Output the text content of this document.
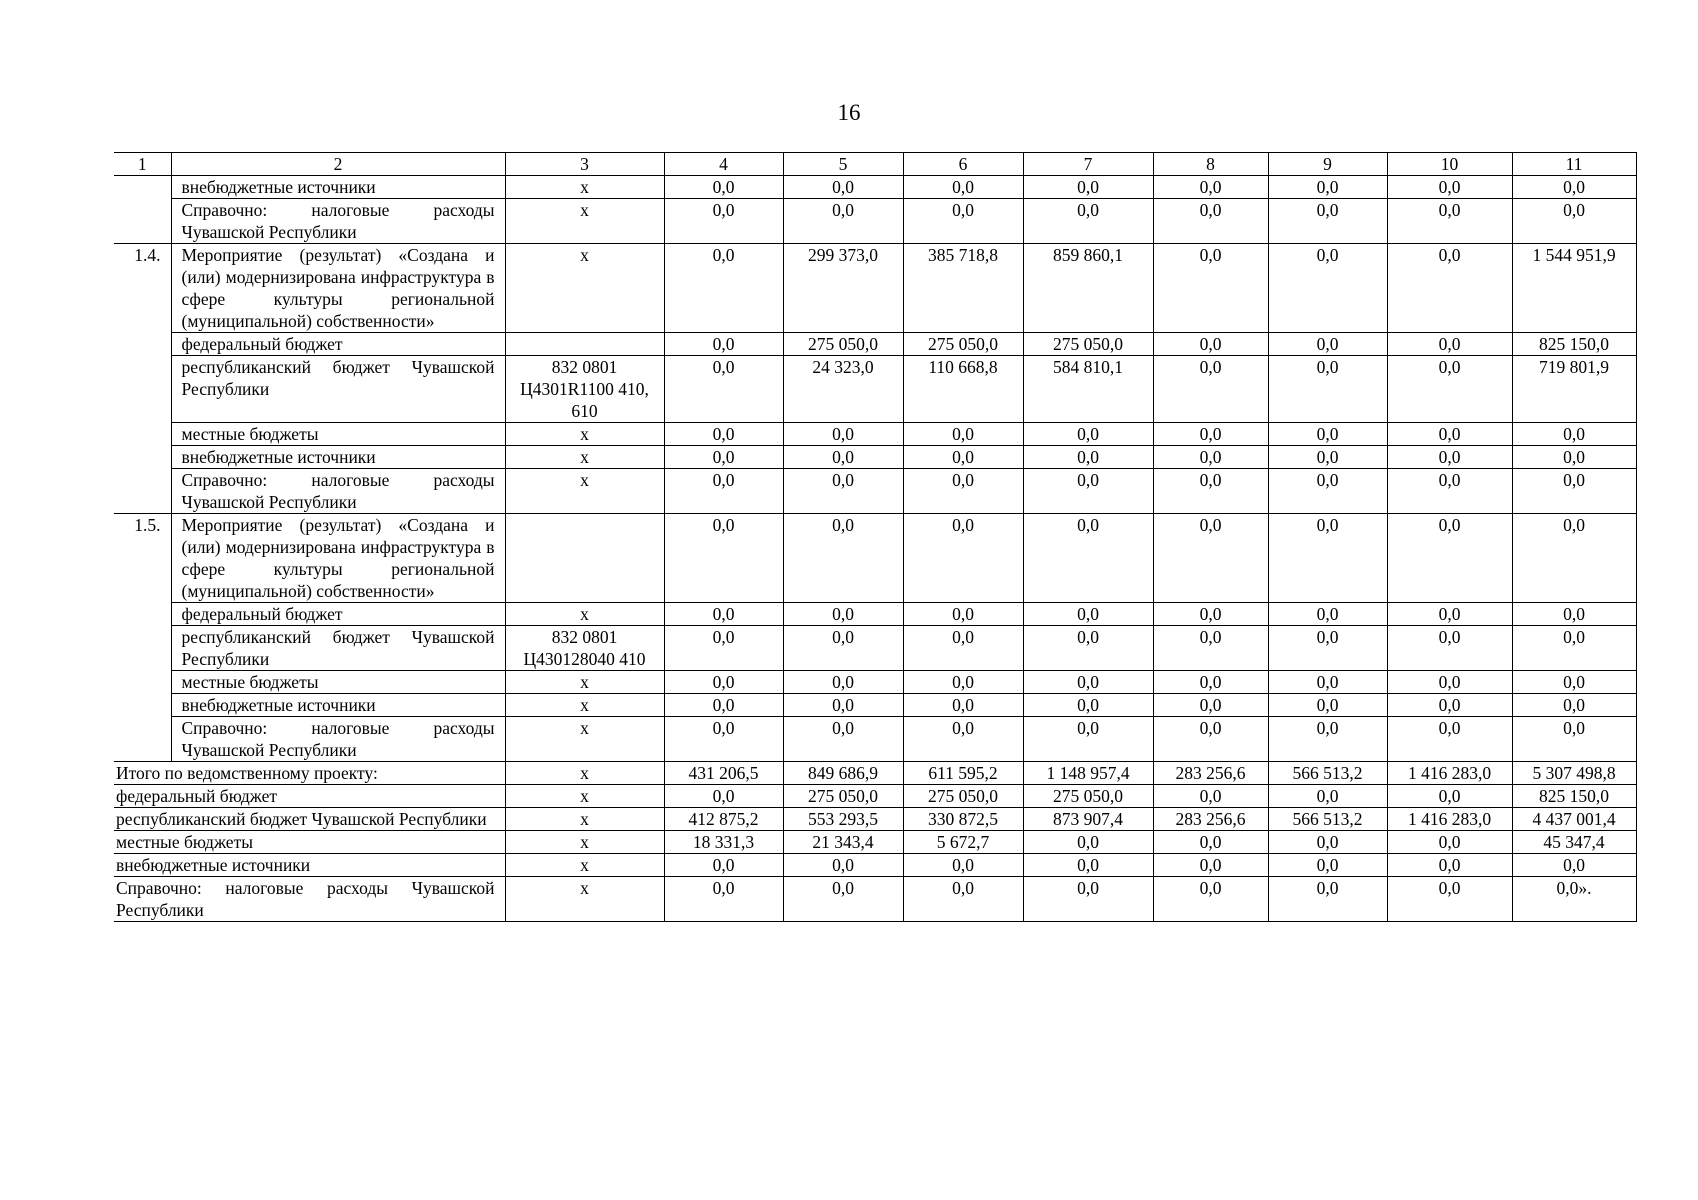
16
1	2	3	4	5	6	7	8	9	10	11
	внебюджетные источники	х	0,0	0,0	0,0	0,0	0,0	0,0	0,0	0,0
	Справочно: налоговые расходы Чувашской Республики	х	0,0	0,0	0,0	0,0	0,0	0,0	0,0	0,0
1.4.	Мероприятие (результат) «Создана и (или) модернизирована инфраструктура в сфере культуры региональной (муниципальной) собственности»	х	0,0	299 373,0	385 718,8	859 860,1	0,0	0,0	0,0	1 544 951,9
	федеральный бюджет		0,0	275 050,0	275 050,0	275 050,0	0,0	0,0	0,0	825 150,0
	республиканский бюджет Чувашской Республики	832 0801 Ц4301R1100 410, 610	0,0	24 323,0	110 668,8	584 810,1	0,0	0,0	0,0	719 801,9
	местные бюджеты	х	0,0	0,0	0,0	0,0	0,0	0,0	0,0	0,0
	внебюджетные источники	х	0,0	0,0	0,0	0,0	0,0	0,0	0,0	0,0
	Справочно: налоговые расходы Чувашской Республики	х	0,0	0,0	0,0	0,0	0,0	0,0	0,0	0,0
1.5.	Мероприятие (результат) «Создана и (или) модернизирована инфраструктура в сфере культуры региональной (муниципальной) собственности»		0,0	0,0	0,0	0,0	0,0	0,0	0,0	0,0
	федеральный бюджет	х	0,0	0,0	0,0	0,0	0,0	0,0	0,0	0,0
	республиканский бюджет Чувашской Республики	832 0801 Ц430128040 410	0,0	0,0	0,0	0,0	0,0	0,0	0,0	0,0
	местные бюджеты	х	0,0	0,0	0,0	0,0	0,0	0,0	0,0	0,0
	внебюджетные источники	х	0,0	0,0	0,0	0,0	0,0	0,0	0,0	0,0
	Справочно: налоговые расходы Чувашской Республики	х	0,0	0,0	0,0	0,0	0,0	0,0	0,0	0,0
Итого по ведомственному проекту:		х	431 206,5	849 686,9	611 595,2	1 148 957,4	283 256,6	566 513,2	1 416 283,0	5 307 498,8
федеральный бюджет		х	0,0	275 050,0	275 050,0	275 050,0	0,0	0,0	0,0	825 150,0
республиканский бюджет Чувашской Республики		х	412 875,2	553 293,5	330 872,5	873 907,4	283 256,6	566 513,2	1 416 283,0	4 437 001,4
местные бюджеты		х	18 331,3	21 343,4	5 672,7	0,0	0,0	0,0	0,0	45 347,4
внебюджетные источники		х	0,0	0,0	0,0	0,0	0,0	0,0	0,0	0,0
Справочно: налоговые расходы Чувашской Республики		х	0,0	0,0	0,0	0,0	0,0	0,0	0,0	0,0».
